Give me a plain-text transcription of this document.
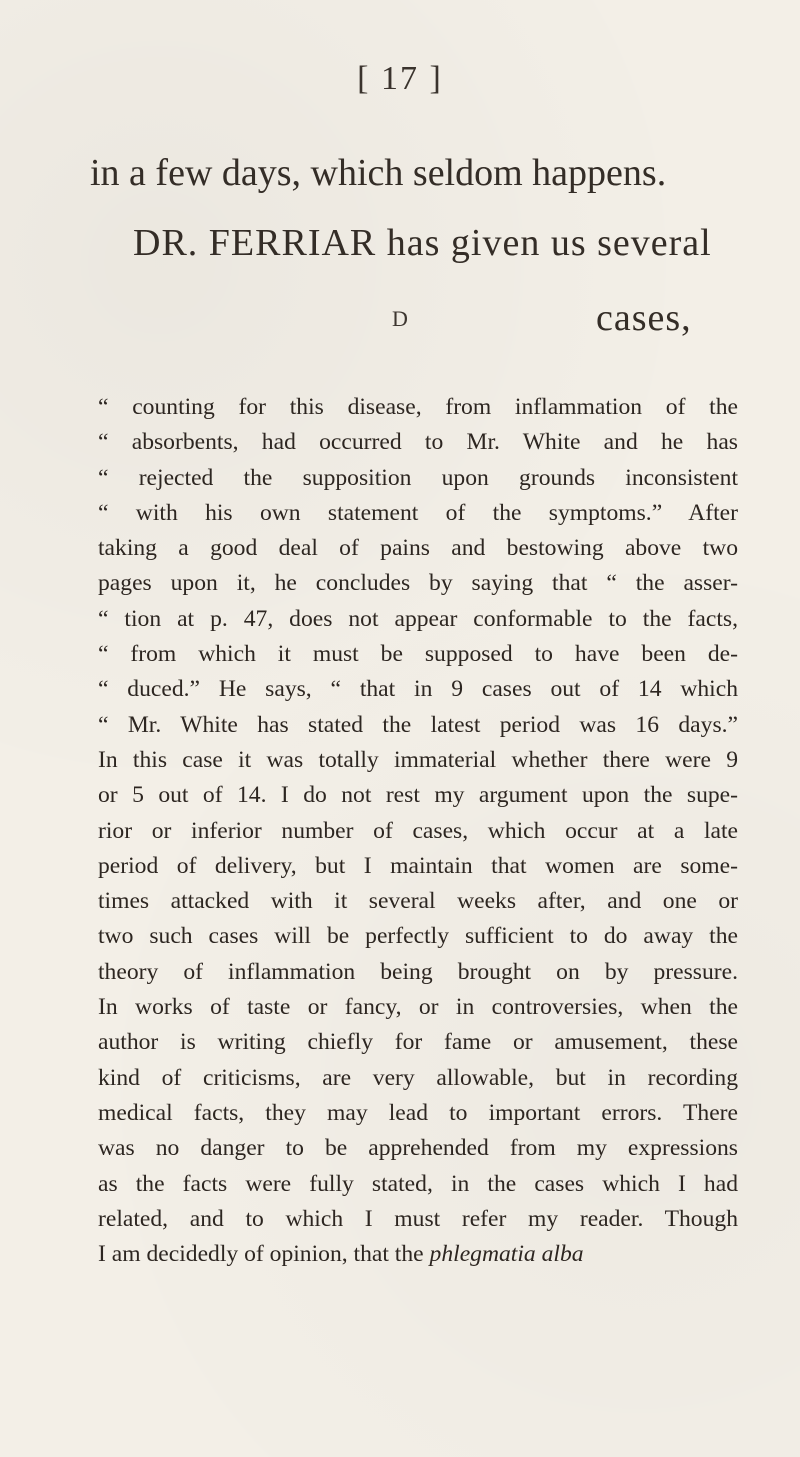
[ 17 ]
in a few days, which seldom happens.
DR. FERRIAR has given us several
D	cases,
“ counting for this disease, from inflammation of the
“ absorbents, had occurred to Mr. White and he has
“ rejected the supposition upon grounds inconsistent
“ with his own statement of the symptoms.” After
taking a good deal of pains and bestowing above two
pages upon it, he concludes by saying that “ the asser-
“ tion at p. 47, does not appear conformable to the facts,
“ from which it must be supposed to have been de-
“ duced.” He says, “ that in 9 cases out of 14 which
“ Mr. White has stated the latest period was 16 days.”
In this case it was totally immaterial whether there were 9
or 5 out of 14. I do not rest my argument upon the supe-
rior or inferior number of cases, which occur at a late
period of delivery, but I maintain that women are some-
times attacked with it several weeks after, and one or
two such cases will be perfectly sufficient to do away the
theory of inflammation being brought on by pressure.
In works of taste or fancy, or in controversies, when the
author is writing chiefly for fame or amusement, these
kind of criticisms, are very allowable, but in recording
medical facts, they may lead to important errors. There
was no danger to be apprehended from my expressions
as the facts were fully stated, in the cases which I had
related, and to which I must refer my reader. Though
I am decidedly of opinion, that the phlegmatia alba
